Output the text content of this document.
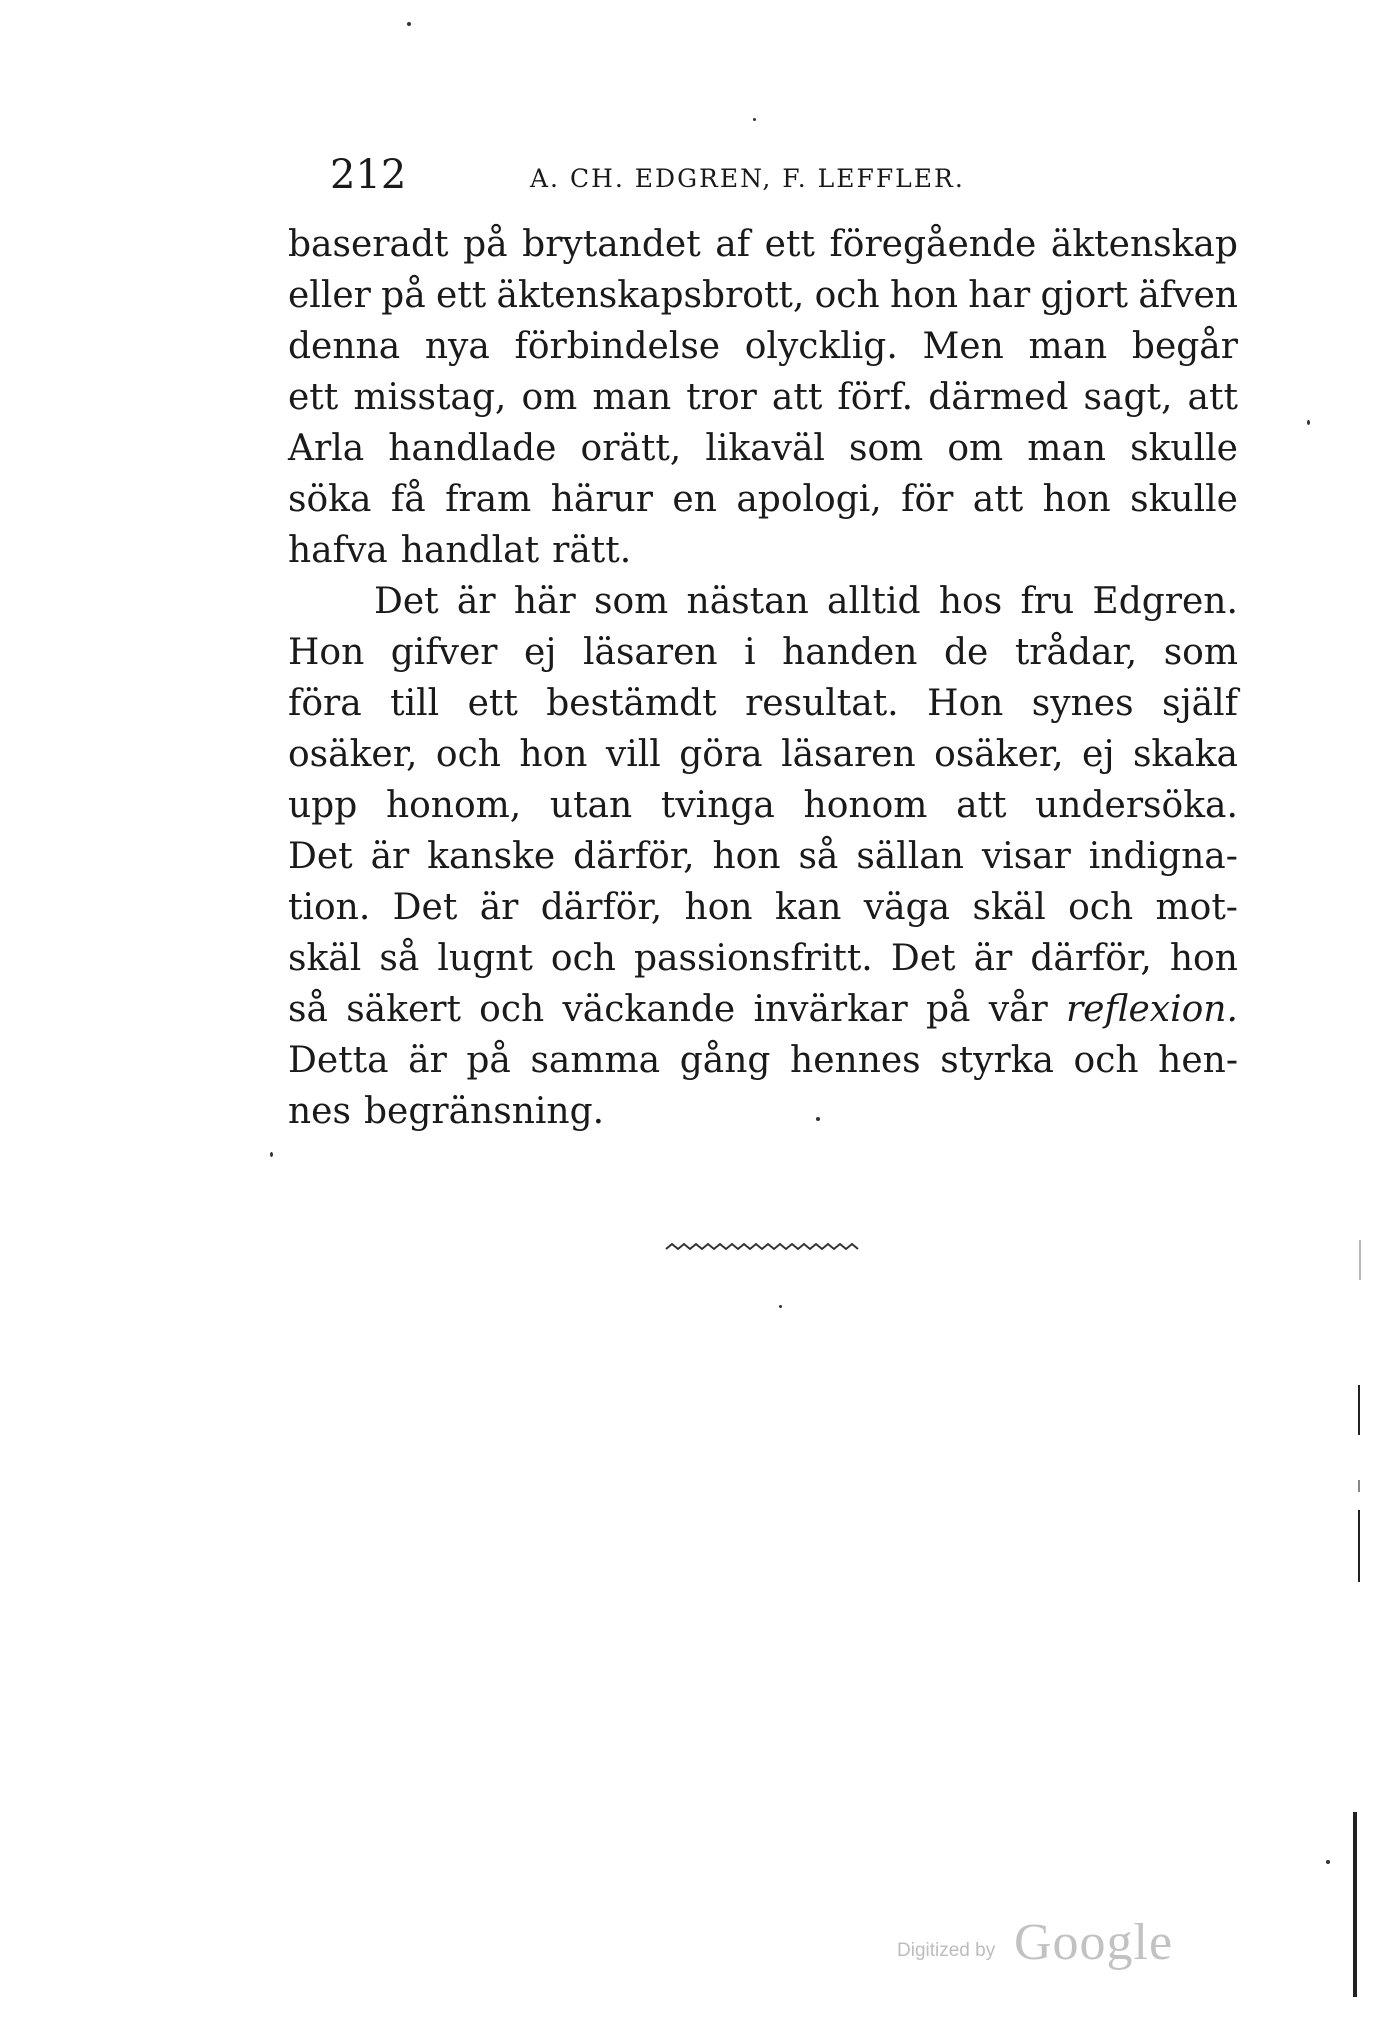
212	A. CH. EDGREN, F. LEFFLER.
baseradt på brytandet af ett föregående äktenskap
eller på ett äktenskapsbrott, och hon har gjort äfven
denna nya förbindelse olycklig. Men man begår
ett misstag, om man tror att förf. därmed sagt, att
Arla handlade orätt, likaväl som om man skulle
söka få fram härur en apologi, för att hon skulle
hafva handlat rätt.
Det är här som nästan alltid hos fru Edgren.
Hon gifver ej läsaren i handen de trådar, som
föra till ett bestämdt resultat. Hon synes själf
osäker, och hon vill göra läsaren osäker, ej skaka
upp honom, utan tvinga honom att undersöka.
Det är kanske därför, hon så sällan visar indigna-
tion. Det är därför, hon kan väga skäl och mot-
skäl så lugnt och passionsfritt. Det är därför, hon
så säkert och väckande invärkar på vår reflexion.
Detta är på samma gång hennes styrka och hen-
nes begränsning.
Digitized by Google
